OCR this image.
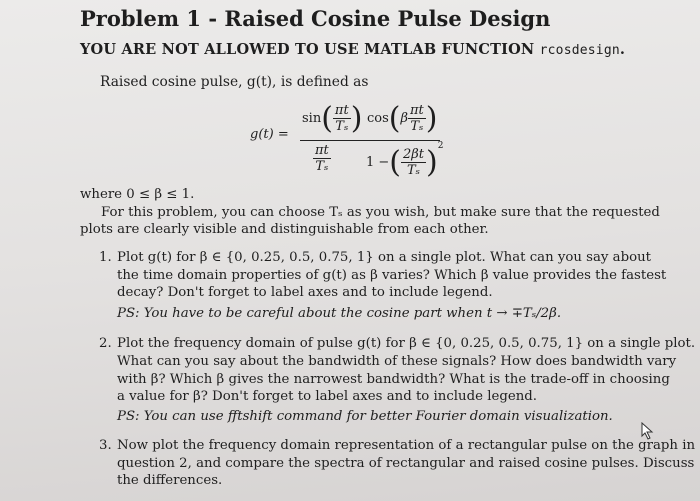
Problem 1 - Raised Cosine Pulse Design
YOU ARE NOT ALLOWED TO USE MATLAB FUNCTION rcosdesign.
Raised cosine pulse, g(t), is defined as
g(t) =
$\sin( \frac{\pi t}{\text{Tₛ}}$ ) $\cos(\beta \frac{\pi t}{\text{Tₛ}}$ )
$\frac{\pi t}{\text{Tₛ}}$	1 −( $\frac{2\beta t}{\text{Tₛ}} )^2$
where 0 ≤ β ≤ 1.
For this problem, you can choose Tₛ as you wish, but make sure that the requested
plots are clearly visible and distinguishable from each other.
1. Plot g(t) for β ∈ {0, 0.25, 0.5, 0.75, 1} on a single plot. What can you say about
the time domain properties of g(t) as β varies? Which β value provides the fastest
decay? Don't forget to label axes and to include legend.
PS: You have to be careful about the cosine part when t → ∓Tₛ/2β.
2. Plot the frequency domain of pulse g(t) for β ∈ {0, 0.25, 0.5, 0.75, 1} on a single plot.
What can you say about the bandwidth of these signals? How does bandwidth vary
with β? Which β gives the narrowest bandwidth? What is the trade-off in choosing
a value for β? Don't forget to label axes and to include legend.
PS: You can use fftshift command for better Fourier domain visualization.
3. Now plot the frequency domain representation of a rectangular pulse on the graph in
question 2, and compare the spectra of rectangular and raised cosine pulses. Discuss
the differences.
